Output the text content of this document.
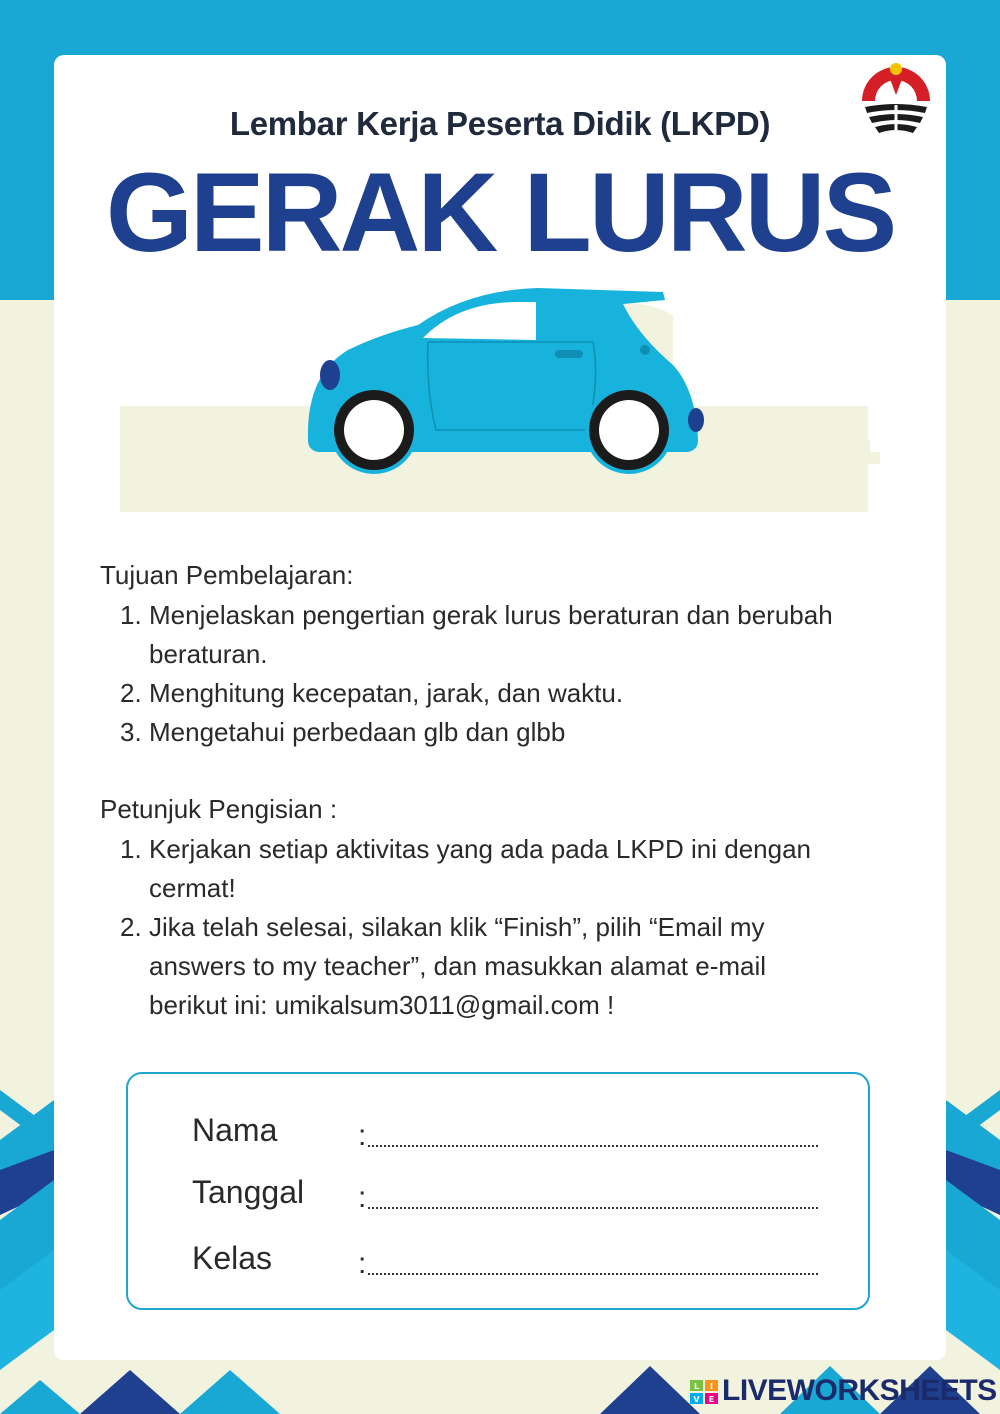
Lembar Kerja Peserta Didik (LKPD)
GERAK LURUS
Tujuan Pembelajaran:
1. Menjelaskan pengertian gerak lurus beraturan dan berubah beraturan.
2. Menghitung kecepatan, jarak, dan waktu.
3. Mengetahui perbedaan glb dan glbb
Petunjuk Pengisian :
1. Kerjakan setiap aktivitas yang ada pada LKPD ini dengan cermat!
2. Jika telah selesai, silakan klik “Finish”, pilih “Email my answers to my teacher”, dan masukkan alamat e-mail berikut ini: umikalsum3011@gmail.com !
Nama	:
Tanggal :
Kelas	:
L I
V E LIVEWORKSHEETS
